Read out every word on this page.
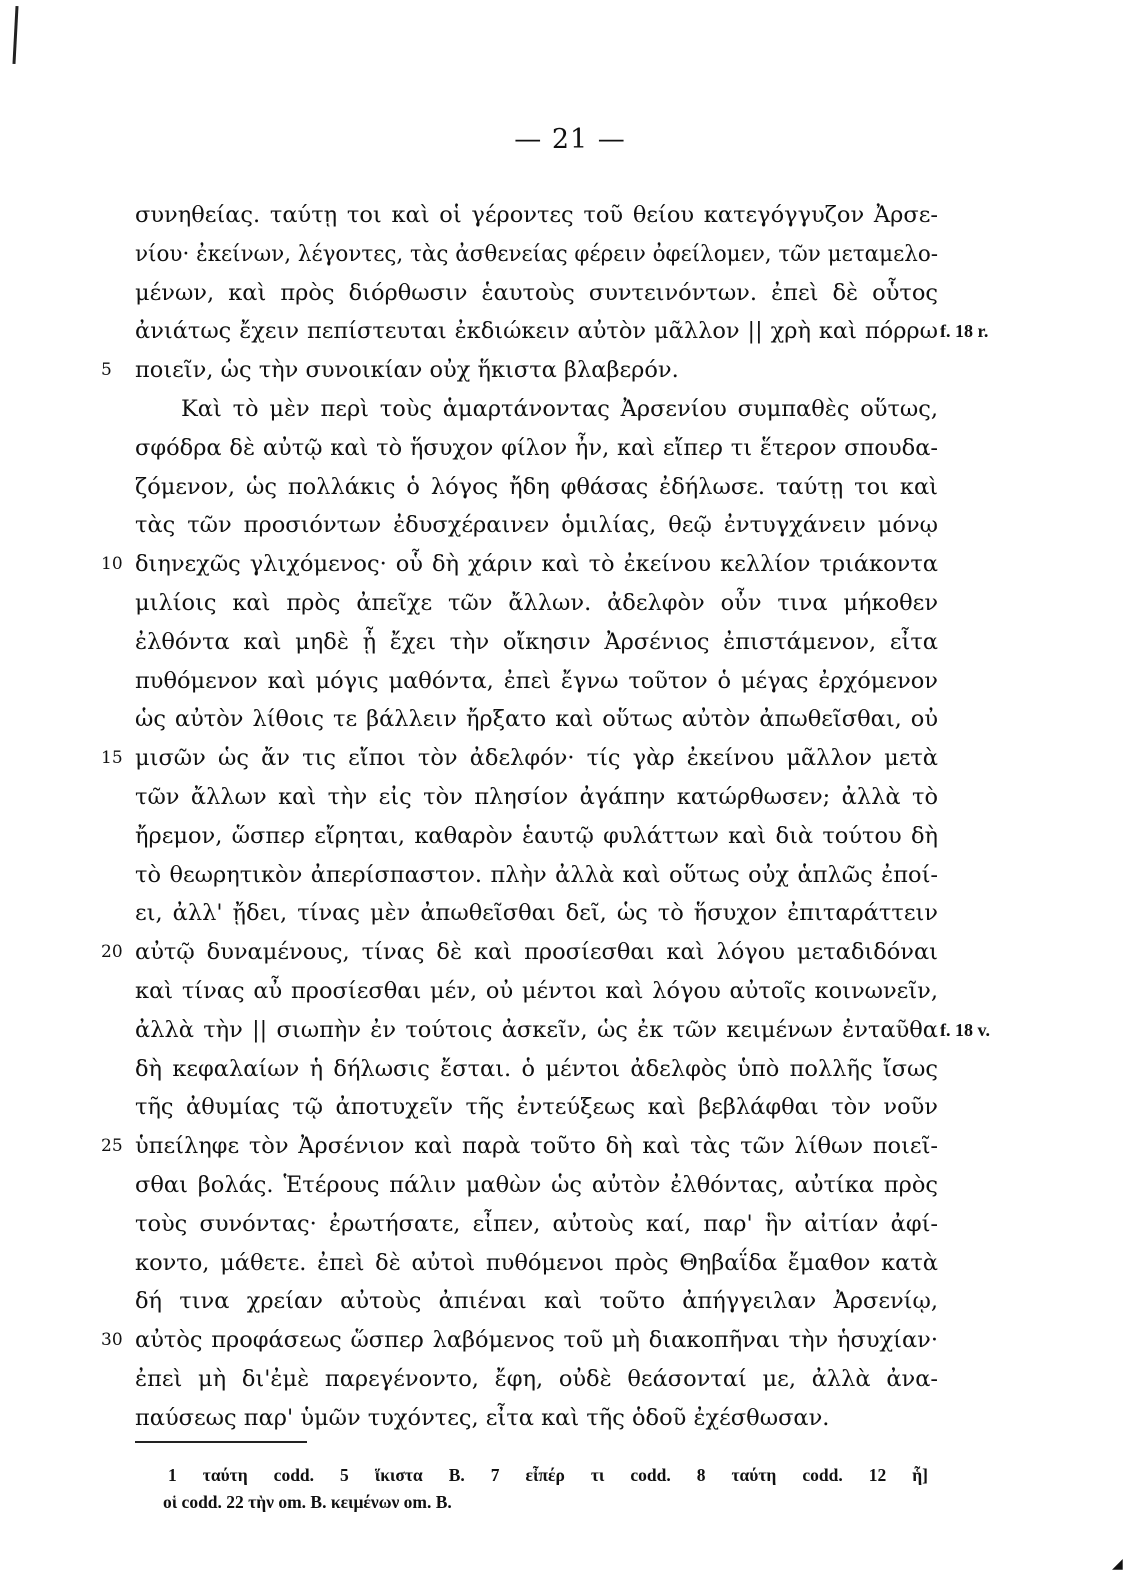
— 21 —
συνηθείας. ταύτῃ τοι καὶ οἱ γέροντες τοῦ θείου κατεγόγγυζον Ἀρσε-
νίου· ἐκείνων, λέγοντες, τὰς ἀσθενείας φέρειν ὀφείλομεν, τῶν μεταμελο-
μένων, καὶ πρὸς διόρθωσιν ἑαυτοὺς συντεινόντων. ἐπεὶ δὲ οὗτος
ἀνιάτως ἔχειν πεπίστευται ἐκδιώκειν αὐτὸν μᾶλλον || χρὴ καὶ πόρρω f. 18 r.
5	ποιεῖν, ὡς τὴν συνοικίαν οὐχ ἥκιστα βλαβερόν.
Καὶ τὸ μὲν περὶ τοὺς ἁμαρτάνοντας Ἀρσενίου συμπαθὲς οὕτως,
σφόδρα δὲ αὐτῷ καὶ τὸ ἥσυχον φίλον ἦν, καὶ εἴπερ τι ἕτερον σπουδα-
ζόμενον, ὡς πολλάκις ὁ λόγος ἤδη φθάσας ἐδήλωσε. ταύτῃ τοι καὶ
τὰς τῶν προσιόντων ἐδυσχέραινεν ὁμιλίας, θεῷ ἐντυγχάνειν μόνῳ
10 διηνεχῶς γλιχόμενος· οὗ δὴ χάριν καὶ τὸ ἐκείνου κελλίον τριάκοντα
μιλίοις καὶ πρὸς ἀπεῖχε τῶν ἄλλων. ἀδελφὸν οὖν τινα μήκοθεν
ἐλθόντα καὶ μηδὲ ᾗ ἔχει τὴν οἴκησιν Ἀρσένιος ἐπιστάμενον, εἶτα
πυθόμενον καὶ μόγις μαθόντα, ἐπεὶ ἔγνω τοῦτον ὁ μέγας ἐρχόμενον
ὡς αὐτὸν λίθοις τε βάλλειν ἤρξατο καὶ οὕτως αὐτὸν ἀπωθεῖσθαι, οὐ
15 μισῶν ὡς ἄν τις εἴποι τὸν ἀδελφόν· τίς γὰρ ἐκείνου μᾶλλον μετὰ
τῶν ἄλλων καὶ τὴν εἰς τὸν πλησίον ἀγάπην κατώρθωσεν; ἀλλὰ τὸ
ἤρεμον, ὥσπερ εἴρηται, καθαρὸν ἑαυτῷ φυλάττων καὶ διὰ τούτου δὴ
τὸ θεωρητικὸν ἀπερίσπαστον. πλὴν ἀλλὰ καὶ οὕτως οὐχ ἁπλῶς ἐποί-
ει, ἀλλ' ᾔδει, τίνας μὲν ἀπωθεῖσθαι δεῖ, ὡς τὸ ἥσυχον ἐπιταράττειν
20 αὐτῷ δυναμένους, τίνας δὲ καὶ προσίεσθαι καὶ λόγου μεταδιδόναι
καὶ τίνας αὖ προσίεσθαι μέν, οὐ μέντοι καὶ λόγου αὐτοῖς κοινωνεῖν,
ἀλλὰ τὴν || σιωπὴν ἐν τούτοις ἀσκεῖν, ὡς ἐκ τῶν κειμένων ἐνταῦθα f. 18 v.
δὴ κεφαλαίων ἡ δήλωσις ἔσται. ὁ μέντοι ἀδελφὸς ὑπὸ πολλῆς ἴσως
τῆς ἀθυμίας τῷ ἀποτυχεῖν τῆς ἐντεύξεως καὶ βεβλάφθαι τὸν νοῦν
25 ὑπείληφε τὸν Ἀρσένιον καὶ παρὰ τοῦτο δὴ καὶ τὰς τῶν λίθων ποιεῖ-
σθαι βολάς. Ἑτέρους πάλιν μαθὼν ὡς αὐτὸν ἐλθόντας, αὐτίκα πρὸς
τοὺς συνόντας· ἐρωτήσατε, εἶπεν, αὐτοὺς καί, παρ' ἣν αἰτίαν ἀφί-
κοντο, μάθετε. ἐπεὶ δὲ αὐτοὶ πυθόμενοι πρὸς Θηβαΐδα ἔμαθον κατὰ
δή τινα χρείαν αὐτοὺς ἀπιέναι καὶ τοῦτο ἀπήγγειλαν Ἀρσενίῳ,
30 αὐτὸς προφάσεως ὥσπερ λαβόμενος τοῦ μὴ διακοπῆναι τὴν ἡσυχίαν·
ἐπεὶ μὴ δι'ἐμὲ παρεγένοντο, ἔφη, οὐδὲ θεάσονταί με, ἀλλὰ ἀνα-
παύσεως παρ' ὑμῶν τυχόντες, εἶτα καὶ τῆς ὁδοῦ ἐχέσθωσαν.
1 ταύτη codd. 5 ἵκιστα B. 7 εἶπέρ τι codd. 8 ταύτη codd. 12 ἧ]
οἱ codd. 22 τὴν om. B. κειμένων om. B.
◢
